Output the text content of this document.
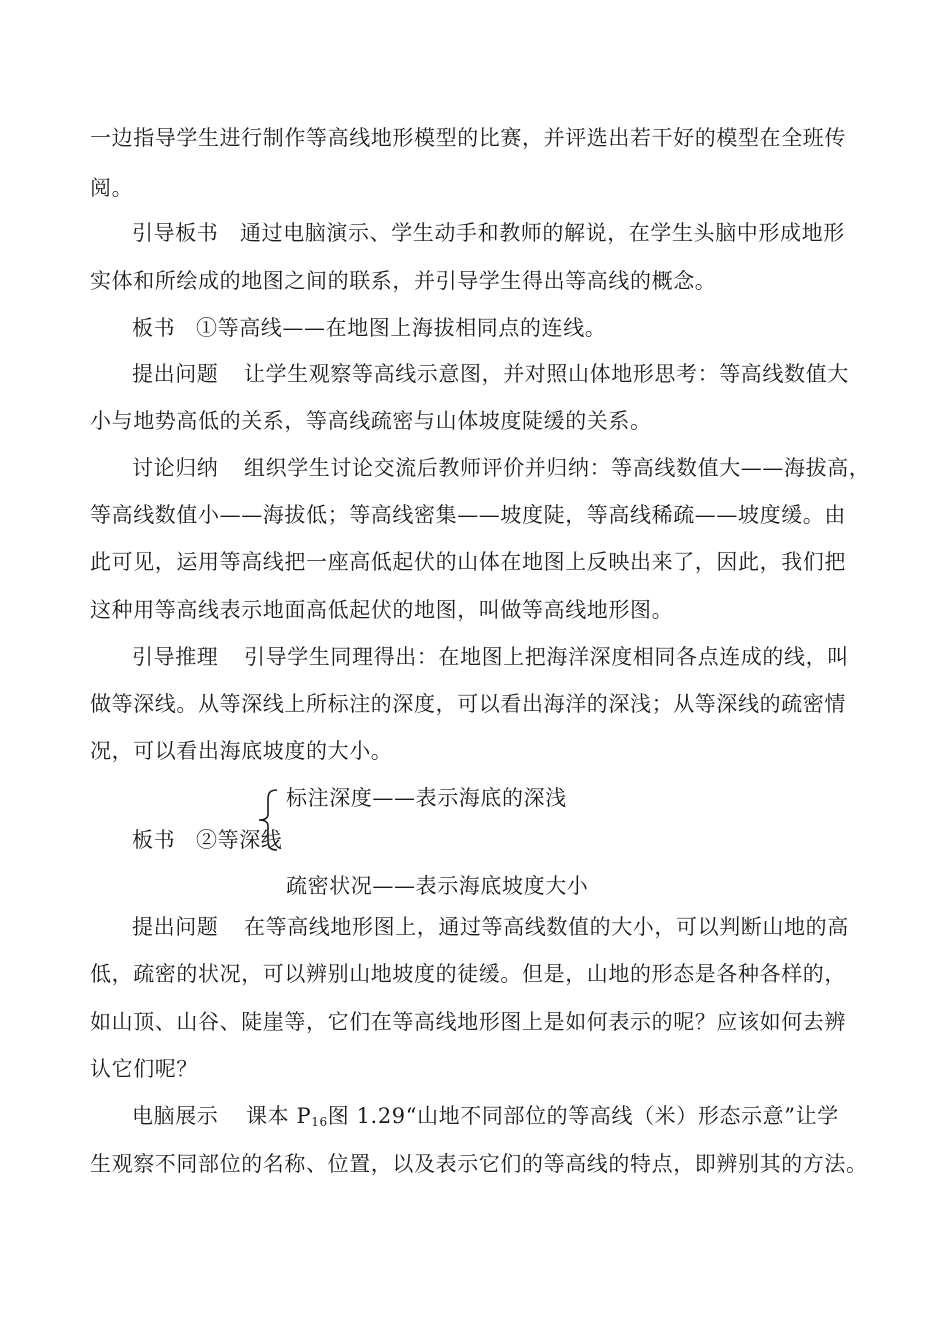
一边指导学生进行制作等高线地形模型的比赛，并评选出若干好的模型在全班传
阅。
引导板书 通过电脑演示、学生动手和教师的解说，在学生头脑中形成地形
实体和所绘成的地图之间的联系，并引导学生得出等高线的概念。
板书 ①等高线——在地图上海拔相同点的连线。
提出问题 让学生观察等高线示意图，并对照山体地形思考：等高线数值大
小与地势高低的关系，等高线疏密与山体坡度陡缓的关系。
讨论归纳 组织学生讨论交流后教师评价并归纳：等高线数值大——海拔高，
等高线数值小——海拔低；等高线密集——坡度陡，等高线稀疏——坡度缓。由
此可见，运用等高线把一座高低起伏的山体在地图上反映出来了，因此，我们把
这种用等高线表示地面高低起伏的地图，叫做等高线地形图。
引导推理 引导学生同理得出：在地图上把海洋深度相同各点连成的线，叫
做等深线。从等深线上所标注的深度，可以看出海洋的深浅；从等深线的疏密情
况，可以看出海底坡度的大小。
标注深度——表示海底的深浅
板书 ②等深线
疏密状况——表示海底坡度大小
提出问题 在等高线地形图上，通过等高线数值的大小，可以判断山地的高
低，疏密的状况，可以辨别山地坡度的徒缓。但是，山地的形态是各种各样的，
如山顶、山谷、陡崖等，它们在等高线地形图上是如何表示的呢？应该如何去辨
认它们呢？
电脑展示 课本 $P_{16}$图 1.29“山地不同部位的等高线（米）形态示意”让学
生观察不同部位的名称、位置，以及表示它们的等高线的特点，即辨别其的方法。
